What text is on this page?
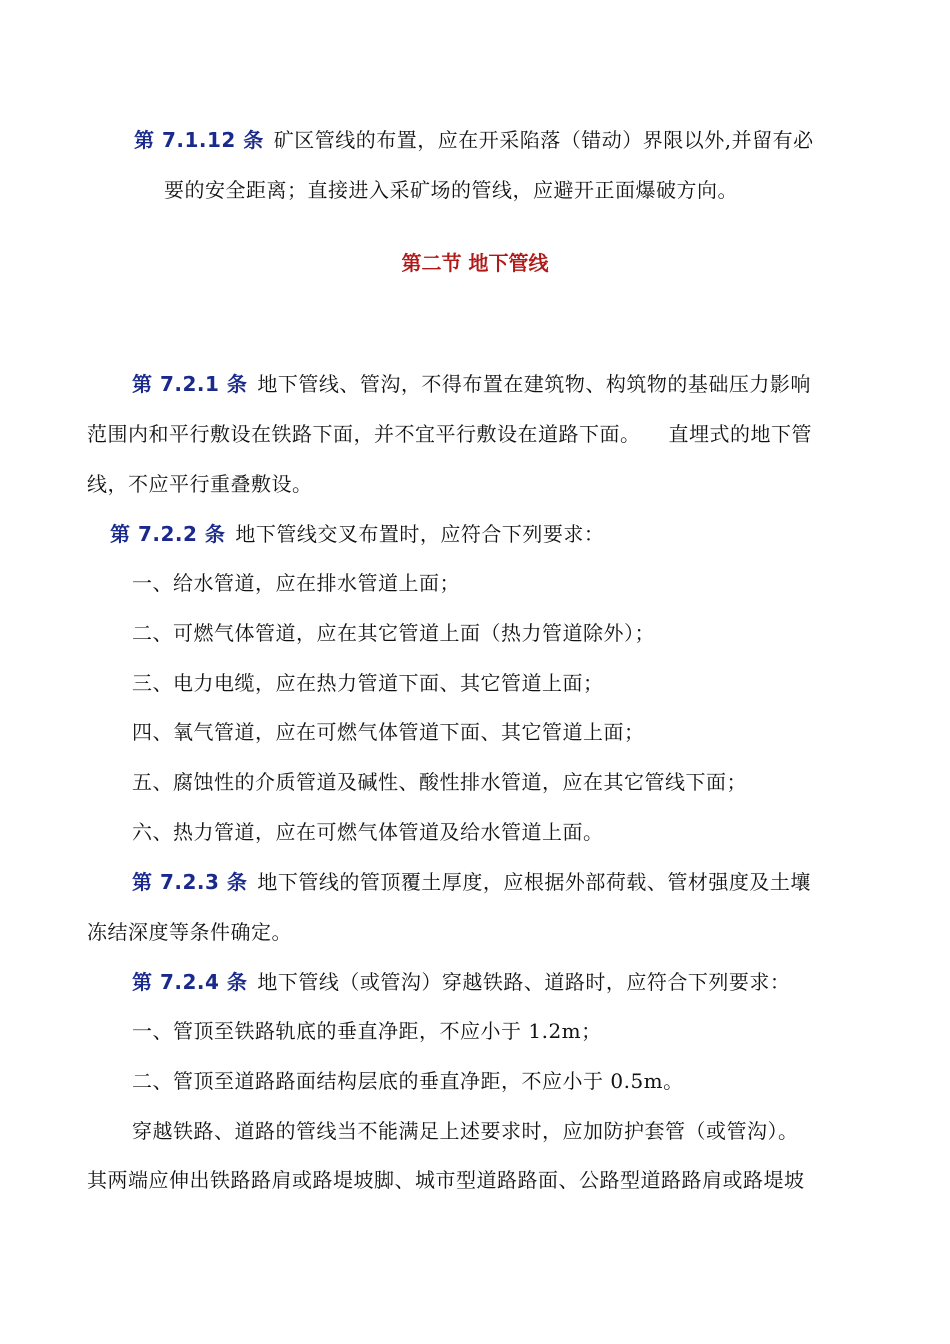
第 7.1.12 条 矿区管线的布置，应在开采陷落（错动）界限以外,并留有必
要的安全距离；直接进入采矿场的管线，应避开正面爆破方向。
第二节 地下管线
第 7.2.1 条 地下管线、管沟，不得布置在建筑物、构筑物的基础压力影响
范围内和平行敷设在铁路下面，并不宜平行敷设在道路下面。 直埋式的地下管
线，不应平行重叠敷设。
第 7.2.2 条 地下管线交叉布置时，应符合下列要求：
一、给水管道，应在排水管道上面；
二、可燃气体管道，应在其它管道上面（热力管道除外）；
三、电力电缆，应在热力管道下面、其它管道上面；
四、氧气管道，应在可燃气体管道下面、其它管道上面；
五、腐蚀性的介质管道及碱性、酸性排水管道，应在其它管线下面；
六、热力管道，应在可燃气体管道及给水管道上面。
第 7.2.3 条 地下管线的管顶覆土厚度，应根据外部荷载、管材强度及土壤
冻结深度等条件确定。
第 7.2.4 条 地下管线（或管沟）穿越铁路、道路时，应符合下列要求：
一、管顶至铁路轨底的垂直净距，不应小于 1.2m；
二、管顶至道路路面结构层底的垂直净距，不应小于 0.5m。
穿越铁路、道路的管线当不能满足上述要求时，应加防护套管（或管沟）。
其两端应伸出铁路路肩或路堤坡脚、城市型道路路面、公路型道路路肩或路堤坡
